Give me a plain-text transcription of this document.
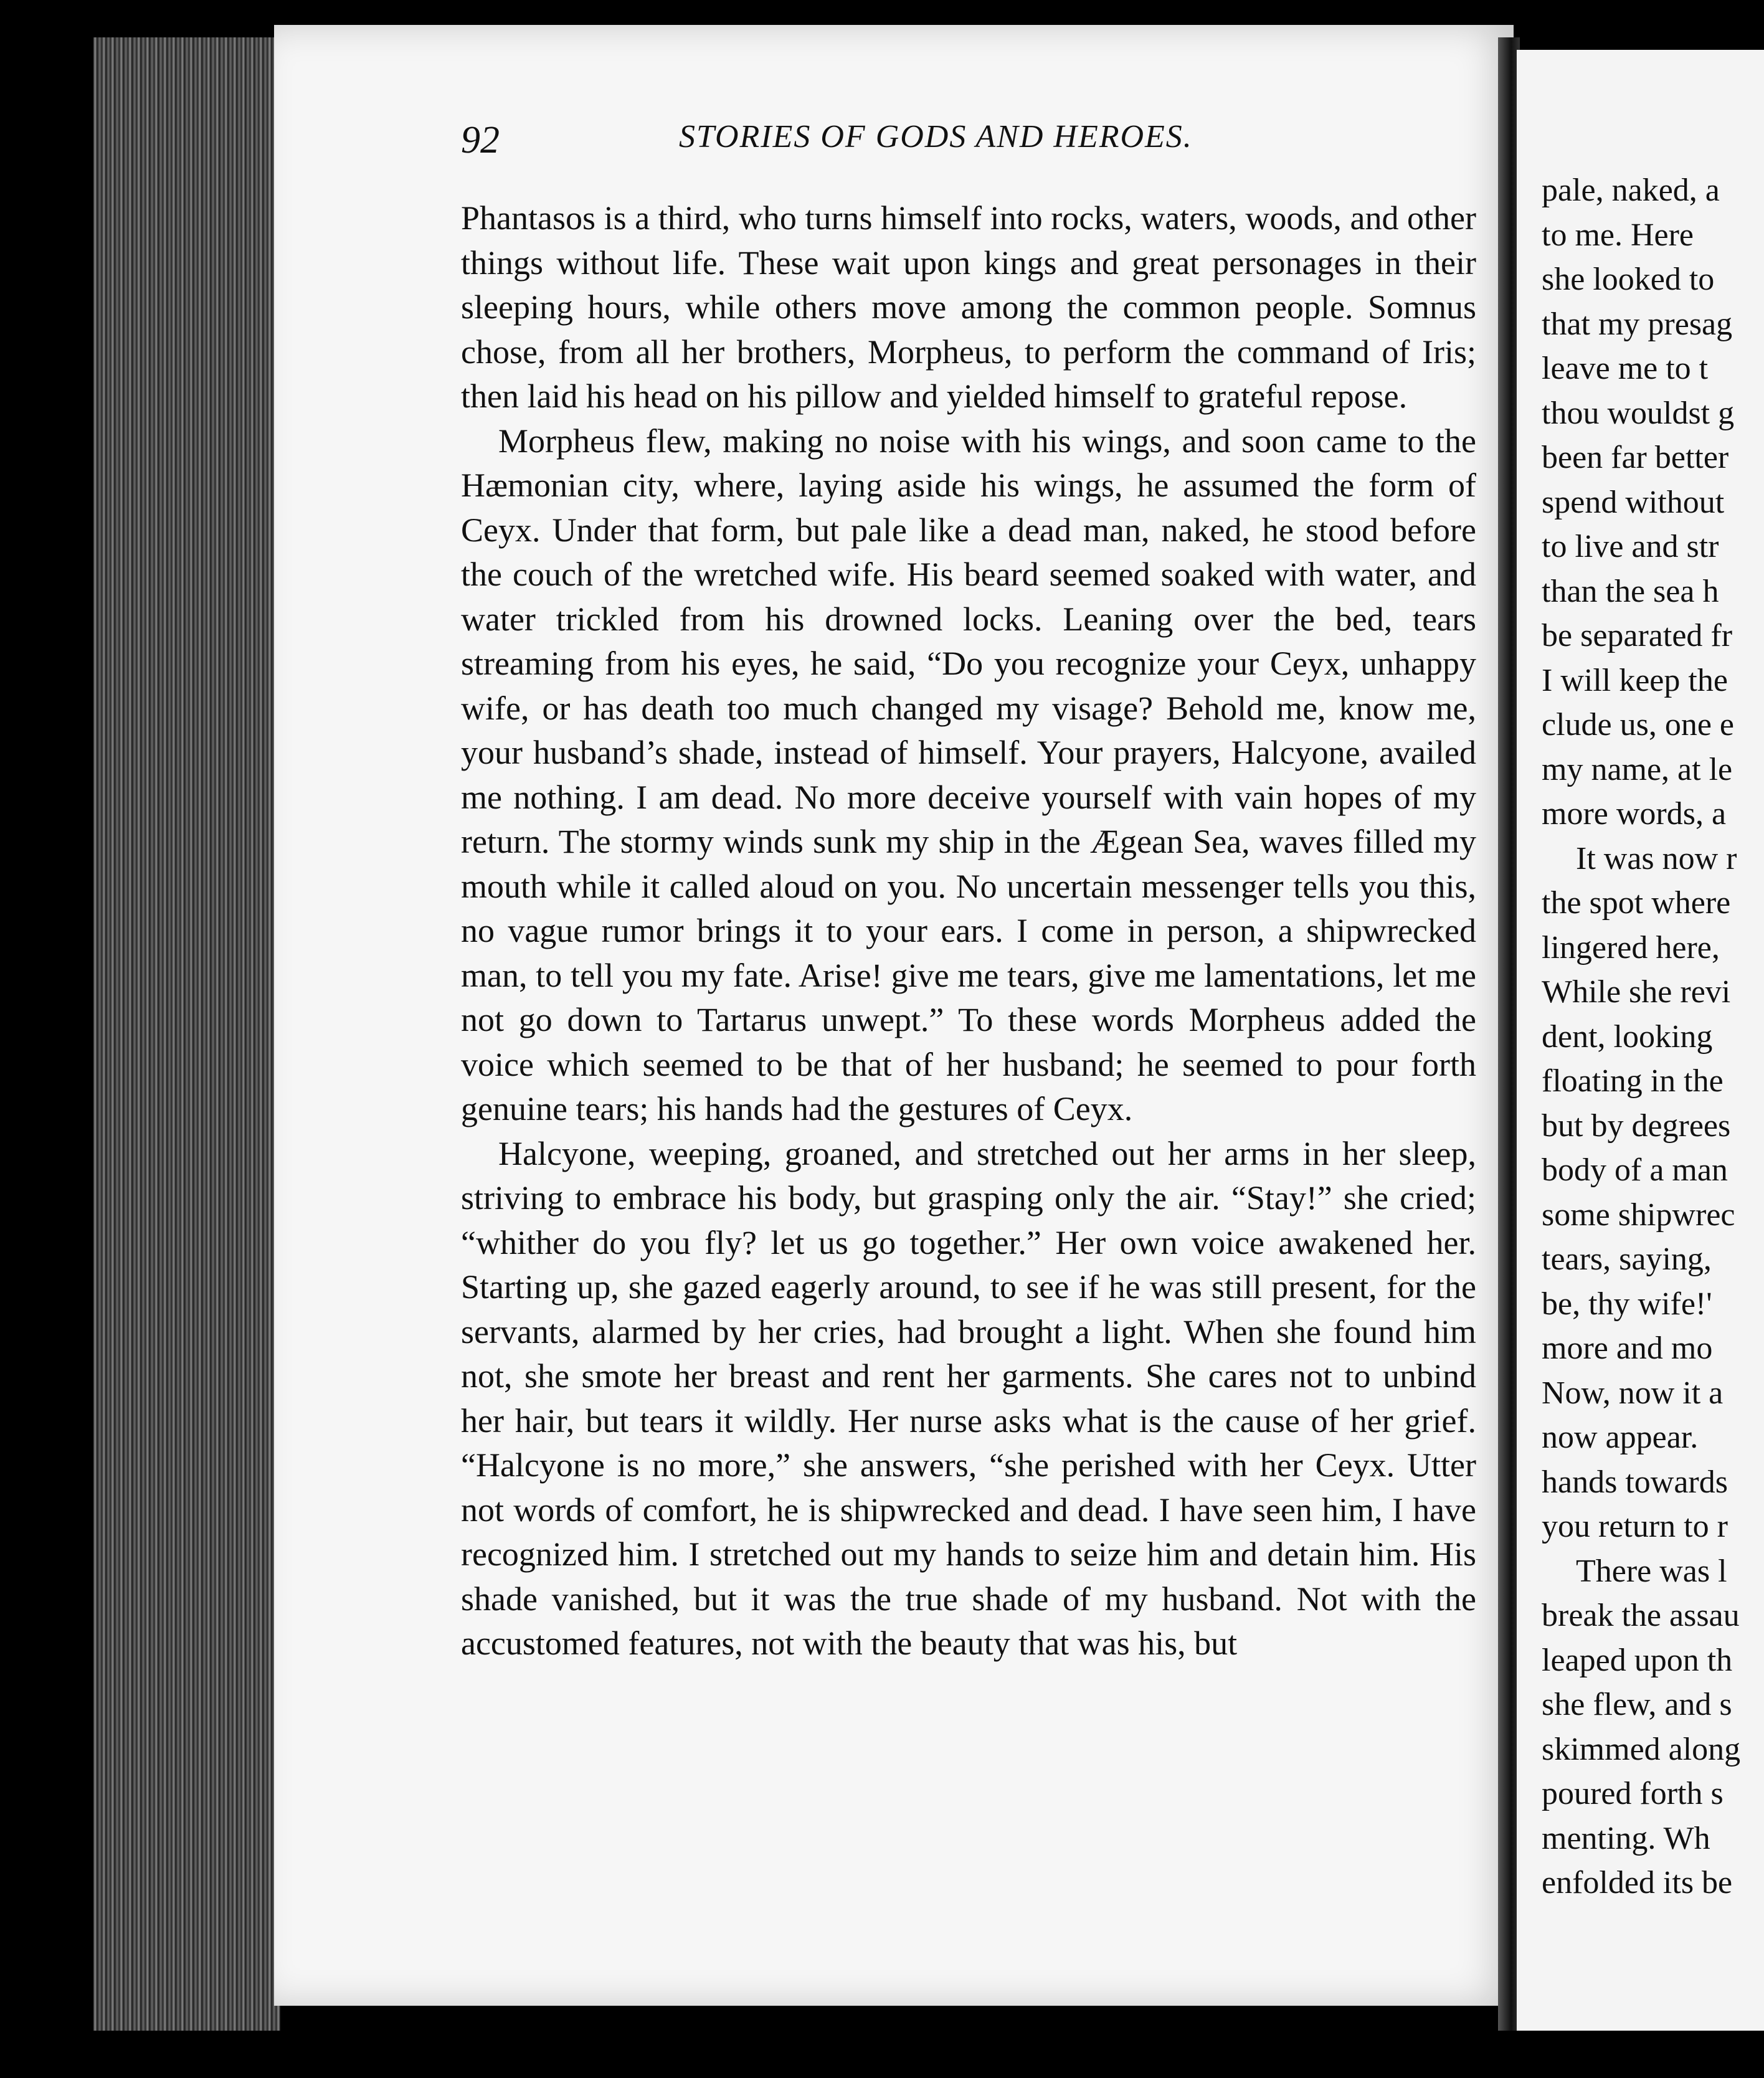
92	STORIES OF GODS AND HEROES.

Phantasos is a third, who turns himself into rocks, waters, woods, and other things without life. These wait upon kings and great personages in their sleeping hours, while others move among the common people. Somnus chose, from all her brothers, Morpheus, to perform the command of Iris; then laid his head on his pillow and yielded himself to grateful repose.

Morpheus flew, making no noise with his wings, and soon came to the Hæmonian city, where, laying aside his wings, he assumed the form of Ceyx. Under that form, but pale like a dead man, naked, he stood before the couch of the wretched wife. His beard seemed soaked with water, and water trickled from his drowned locks. Leaning over the bed, tears streaming from his eyes, he said, “Do you recognize your Ceyx, unhappy wife, or has death too much changed my visage? Behold me, know me, your husband’s shade, instead of himself. Your prayers, Halcyone, availed me nothing. I am dead. No more deceive yourself with vain hopes of my return. The stormy winds sunk my ship in the Ægean Sea, waves filled my mouth while it called aloud on you. No uncertain messenger tells you this, no vague rumor brings it to your ears. I come in person, a shipwrecked man, to tell you my fate. Arise! give me tears, give me lamentations, let me not go down to Tartarus unwept.” To these words Morpheus added the voice which seemed to be that of her husband; he seemed to pour forth genuine tears; his hands had the gestures of Ceyx.

Halcyone, weeping, groaned, and stretched out her arms in her sleep, striving to embrace his body, but grasping only the air. “Stay!” she cried; “whither do you fly? let us go together.” Her own voice awakened her. Starting up, she gazed eagerly around, to see if he was still present, for the servants, alarmed by her cries, had brought a light. When she found him not, she smote her breast and rent her garments. She cares not to unbind her hair, but tears it wildly. Her nurse asks what is the cause of her grief. “Halcyone is no more,” she answers, “she perished with her Ceyx. Utter not words of comfort, he is shipwrecked and dead. I have seen him, I have recognized him. I stretched out my hands to seize him and detain him. His shade vanished, but it was the true shade of my husband. Not with the accustomed features, not with the beauty that was his, but

pale, naked, a
to me. Here
she looked to
that my presag
leave me to t
thou wouldst g
been far better
spend without
to live and str
than the sea h
be separated fr
I will keep the
clude us, one e
my name, at le
more words, a
It was now r
the spot where
lingered here,
While she revi
dent, looking
floating in the
but by degrees
body of a man
some shipwrec
tears, saying,
be, thy wife!'
more and mo
Now, now it a
now appear.
hands towards
you return to r
There was l
break the assau
leaped upon th
she flew, and s
skimmed along
poured forth s
menting. Wh
enfolded its be
